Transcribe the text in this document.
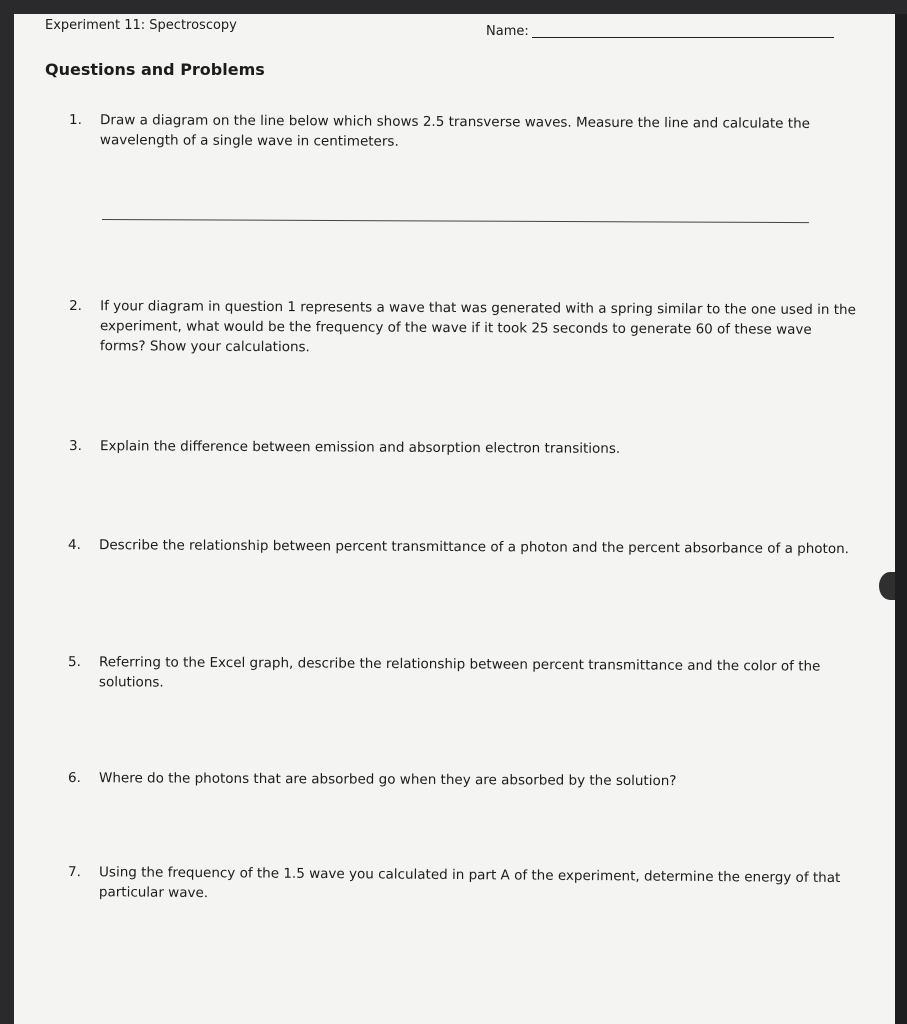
Experiment 11: Spectroscopy	Name:
Questions and Problems
1. Draw a diagram on the line below which shows 2.5 transverse waves. Measure the line and calculate the wavelength of a single wave in centimeters.
2. If your diagram in question 1 represents a wave that was generated with a spring similar to the one used in the experiment, what would be the frequency of the wave if it took 25 seconds to generate 60 of these wave forms? Show your calculations.
3. Explain the difference between emission and absorption electron transitions.
4. Describe the relationship between percent transmittance of a photon and the percent absorbance of a photon.
5. Referring to the Excel graph, describe the relationship between percent transmittance and the color of the solutions.
6. Where do the photons that are absorbed go when they are absorbed by the solution?
7. Using the frequency of the 1.5 wave you calculated in part A of the experiment, determine the energy of that particular wave.
